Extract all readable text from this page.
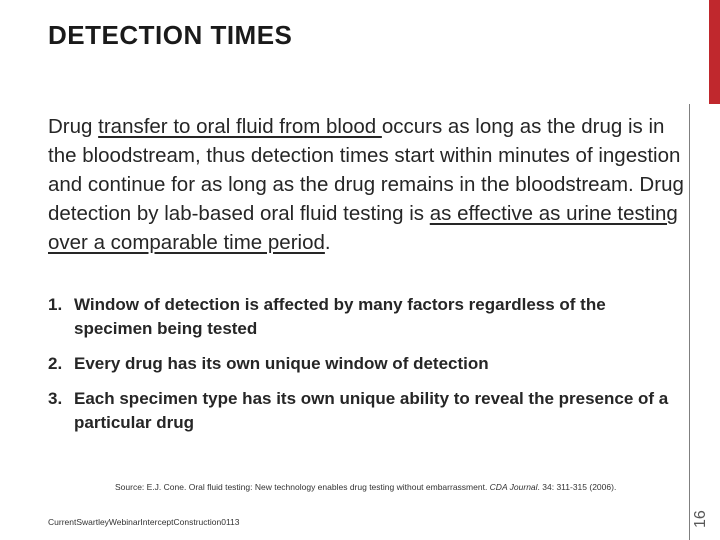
DETECTION TIMES

Drug transfer to oral fluid from blood occurs as long as the drug is in the bloodstream, thus detection times start within minutes of ingestion and continue for as long as the drug remains in the bloodstream. Drug detection by lab-based oral fluid testing is as effective as urine testing over a comparable time period.

1. Window of detection is affected by many factors regardless of the specimen being tested
2. Every drug has its own unique window of detection
3. Each specimen type has its own unique ability to reveal the presence of a particular drug
Source: E.J. Cone. Oral fluid testing: New technology enables drug testing without embarrassment. CDA Journal. 34: 311-315 (2006).
CurrentSwartleyWebinarInterceptConstruction0113	16
